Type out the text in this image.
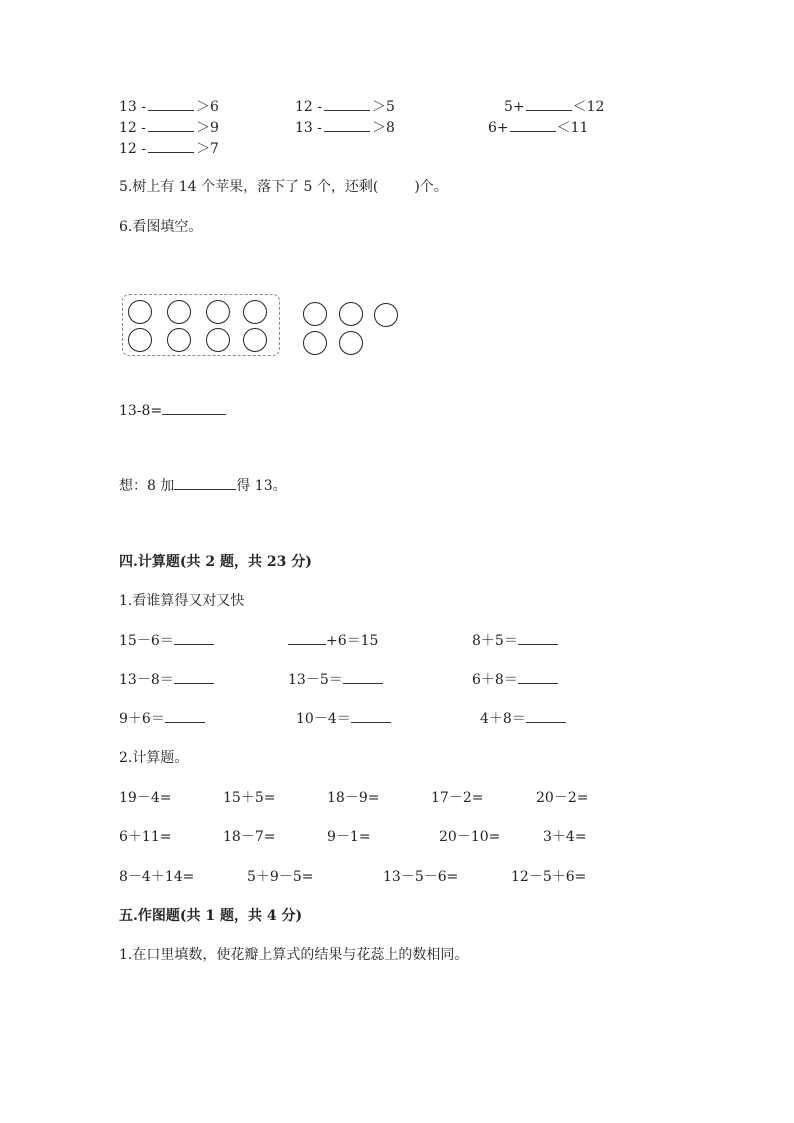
13 -	＞6	12 -	＞5	5+	＜12
12 -	＞9	13 -	＞8	6+	＜11
12 -	＞7
5.树上有 14 个苹果，落下了 5 个，还剩(	)个。
6.看图填空。
13-8=
想：8 加	得 13。
四.计算题(共 2 题，共 23 分)
1.看谁算得又对又快
15－6＝	+6＝15	8＋5＝
13－8＝	13－5＝	6＋8＝
9＋6＝	10－4＝	4＋8＝
2.计算题。
19－4=	15＋5=	18－9=	17－2=	20－2=
6＋11=	18－7=	9－1=	20－10=	3＋4=
8－4＋14=	5＋9－5=	13－5－6=	12－5＋6=
五.作图题(共 1 题，共 4 分)
1.在口里填数，使花瓣上算式的结果与花蕊上的数相同。
